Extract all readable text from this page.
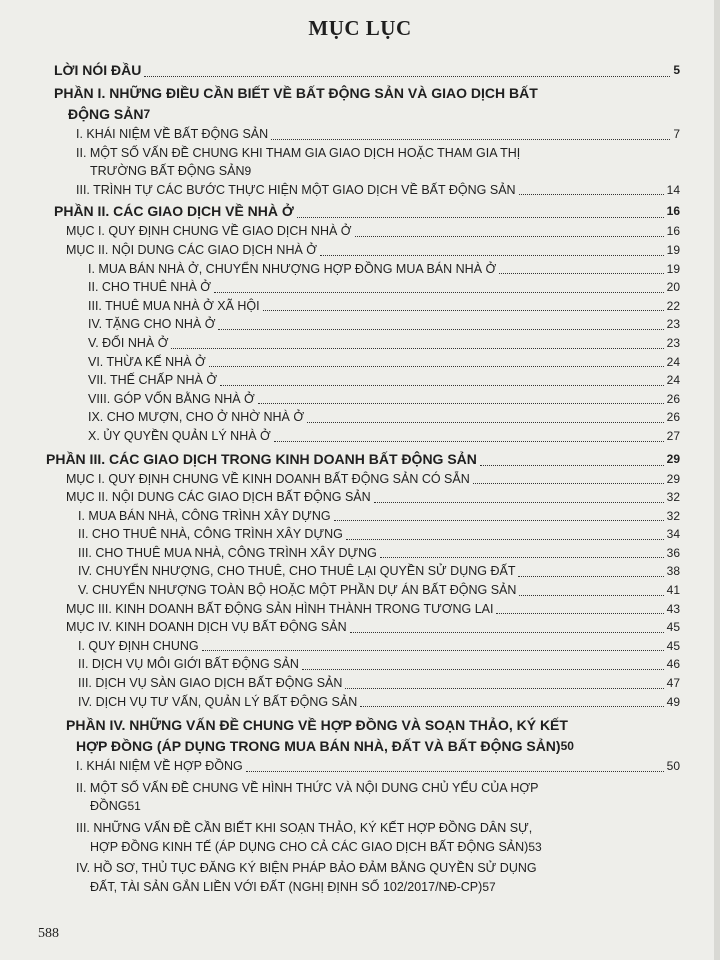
MỤC LỤC
LỜI NÓI ĐẦU	5
PHẦN I. NHỮNG ĐIỀU CẦN BIẾT VỀ BẤT ĐỘNG SẢN VÀ GIAO DỊCH BẤT
ĐỘNG SẢN 7
I. KHÁI NIỆM VỀ BẤT ĐỘNG SẢN	7
II. MỘT SỐ VẤN ĐỀ CHUNG KHI THAM GIA GIAO DỊCH HOẶC THAM GIA THỊ
TRƯỜNG BẤT ĐỘNG SẢN 9
III. TRÌNH TỰ CÁC BƯỚC THỰC HIỆN MỘT GIAO DỊCH VỀ BẤT ĐỘNG SẢN	14
PHẦN II. CÁC GIAO DỊCH VỀ NHÀ Ở	16
MỤC I. QUY ĐỊNH CHUNG VỀ GIAO DỊCH NHÀ Ở	16
MỤC II. NỘI DUNG CÁC GIAO DỊCH NHÀ Ở	19
I. MUA BÁN NHÀ Ở, CHUYỂN NHƯỢNG HỢP ĐỒNG MUA BÁN NHÀ Ở	19
II. CHO THUÊ NHÀ Ở	20
III. THUÊ MUA NHÀ Ở XÃ HỘI	22
IV. TẶNG CHO NHÀ Ở	23
V. ĐỔI NHÀ Ở	23
VI. THỪA KẾ NHÀ Ở	24
VII. THẾ CHẤP NHÀ Ở	24
VIII. GÓP VỐN BẰNG NHÀ Ở	26
IX. CHO MƯỢN, CHO Ở NHỜ NHÀ Ở	26
X. ỦY QUYỀN QUẢN LÝ NHÀ Ở	27
PHẦN III. CÁC GIAO DỊCH TRONG KINH DOANH BẤT ĐỘNG SẢN	29
MỤC I. QUY ĐỊNH CHUNG VỀ KINH DOANH BẤT ĐỘNG SẢN CÓ SẴN	29
MỤC II. NỘI DUNG CÁC GIAO DỊCH BẤT ĐỘNG SẢN	32
I. MUA BÁN NHÀ, CÔNG TRÌNH XÂY DỰNG	32
II. CHO THUÊ NHÀ, CÔNG TRÌNH XÂY DỰNG	34
III. CHO THUÊ MUA NHÀ, CÔNG TRÌNH XÂY DỰNG	36
IV. CHUYỂN NHƯỢNG, CHO THUÊ, CHO THUÊ LẠI QUYỀN SỬ DỤNG ĐẤT	38
V. CHUYỂN NHƯỢNG TOÀN BỘ HOẶC MỘT PHẦN DỰ ÁN BẤT ĐỘNG SẢN	41
MỤC III. KINH DOANH BẤT ĐỘNG SẢN HÌNH THÀNH TRONG TƯƠNG LAI	43
MỤC IV. KINH DOANH DỊCH VỤ BẤT ĐỘNG SẢN	45
I. QUY ĐỊNH CHUNG	45
II. DỊCH VỤ MÔI GIỚI BẤT ĐỘNG SẢN	46
III. DỊCH VỤ SÀN GIAO DỊCH BẤT ĐỘNG SẢN	47
IV. DỊCH VỤ TƯ VẤN, QUẢN LÝ BẤT ĐỘNG SẢN	49
PHẦN IV. NHỮNG VẤN ĐỀ CHUNG VỀ HỢP ĐỒNG VÀ SOẠN THẢO, KÝ KẾT
HỢP ĐỒNG (ÁP DỤNG TRONG MUA BÁN NHÀ, ĐẤT VÀ BẤT ĐỘNG SẢN) 50
I. KHÁI NIỆM VỀ HỢP ĐỒNG	50
II. MỘT SỐ VẤN ĐỀ CHUNG VỀ HÌNH THỨC VÀ NỘI DUNG CHỦ YẾU CỦA HỢP
ĐỒNG 51
III. NHỮNG VẤN ĐỀ CẦN BIẾT KHI SOẠN THẢO, KÝ KẾT HỢP ĐỒNG DÂN SỰ,
HỢP ĐỒNG KINH TẾ (ÁP DỤNG CHO CẢ CÁC GIAO DỊCH BẤT ĐỘNG SẢN) 53
IV. HỒ SƠ, THỦ TỤC ĐĂNG KÝ BIỆN PHÁP BẢO ĐẢM BẰNG QUYỀN SỬ DỤNG
ĐẤT, TÀI SẢN GẮN LIỀN VỚI ĐẤT (NGHỊ ĐỊNH SỐ 102/2017/NĐ-CP) 57
588
